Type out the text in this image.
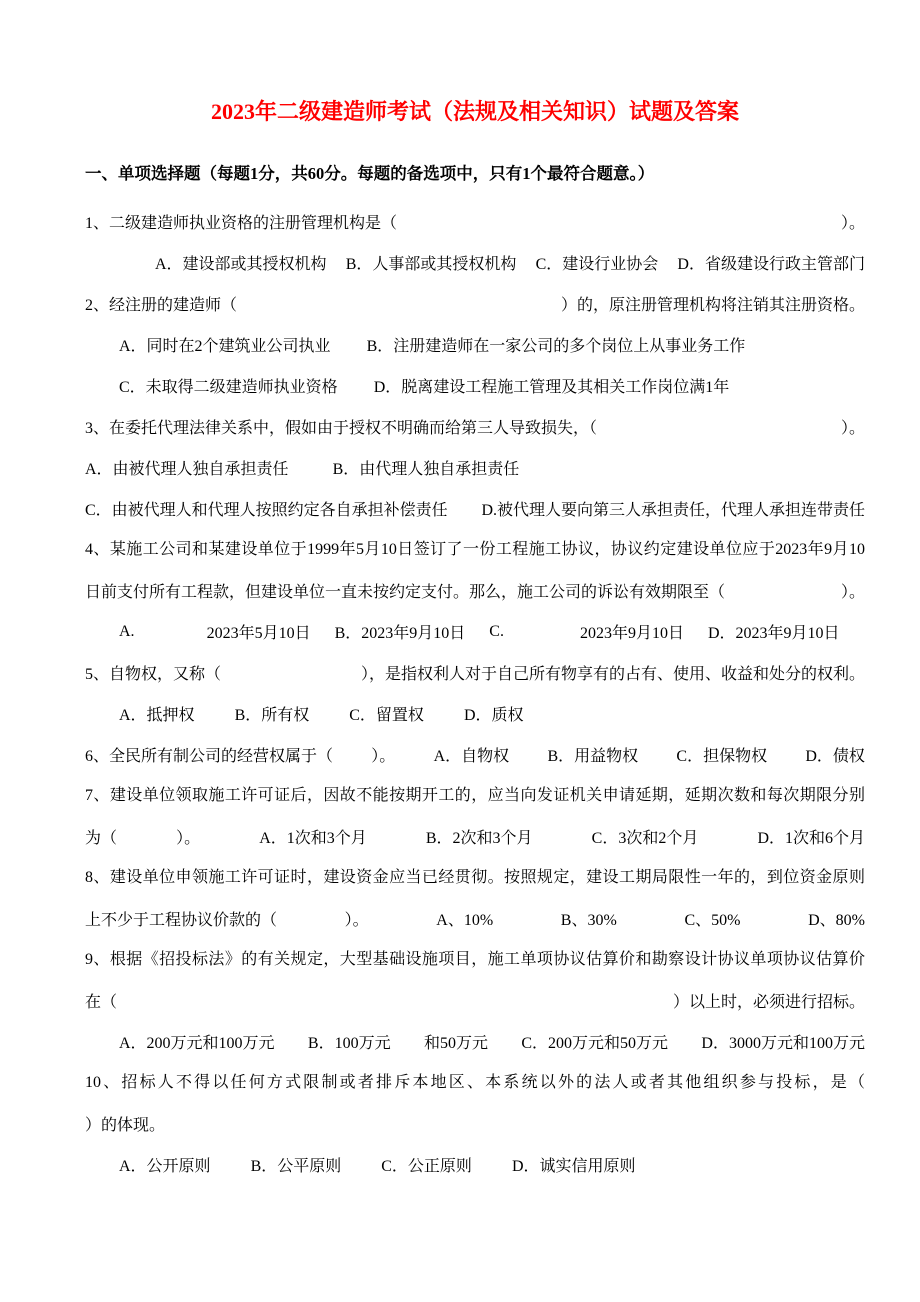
2023年二级建造师考试（法规及相关知识）试题及答案
一、单项选择题（每题1分，共60分。每题的备选项中，只有1个最符合题意。）
1、二级建造师执业资格的注册管理机构是（	）。
A．建设部或其授权机构 B．人事部或其授权机构 C．建设行业协会 D．省级建设行政主管部门
2、经注册的建造师（	）的，原注册管理机构将注销其注册资格。
A．同时在2个建筑业公司执业 B．注册建造师在一家公司的多个岗位上从事业务工作
C．未取得二级建造师执业资格 D．脱离建设工程施工管理及其相关工作岗位满1年
3、在委托代理法律关系中，假如由于授权不明确而给第三人导致损失，（	）。
A．由被代理人独自承担责任	B．由代理人独自承担责任
C．由被代理人和代理人按照约定各自承担补偿责任 D.被代理人要向第三人承担责任，代理人承担连带责任
4、某施工公司和某建设单位于1999年5月10日签订了一份工程施工协议，协议约定建设单位应于2023年9月10
日前支付所有工程款，但建设单位一直未按约定支付。那么，施工公司的诉讼有效期限至（	）。
A.	2023年5月10日 B．2023年9月10日 C.	2023年9月10日 D．2023年9月10日
5、自物权，又称（	），是指权利人对于自己所有物享有的占有、使用、收益和处分的权利。
A．抵押权	B．所有权	C．留置权	D．质权
6、全民所有制公司的经营权属于（ ）。 A．自物权 B．用益物权 C．担保物权 D．债权
7、建设单位领取施工许可证后，因故不能按期开工的，应当向发证机关申请延期，延期次数和每次期限分别
为（	）。	A．1次和3个月	B．2次和3个月	C．3次和2个月	D．1次和6个月
8、建设单位申领施工许可证时，建设资金应当已经贯彻。按照规定，建设工期局限性一年的，到位资金原则
上不少于工程协议价款的（	）。	A、10%	B、30%	C、50%	D、80%
9、根据《招投标法》的有关规定，大型基础设施项目，施工单项协议估算价和勘察设计协议单项协议估算价
在（	）以上时，必须进行招标。
A．200万元和100万元 B．100万元 和50万元 C．200万元和50万元 D．3000万元和100万元
10、招标人不得以任何方式限制或者排斥本地区、本系统以外的法人或者其他组织参与投标，是（
）的体现。
A．公开原则	B．公平原则	C．公正原则	D．诚实信用原则
